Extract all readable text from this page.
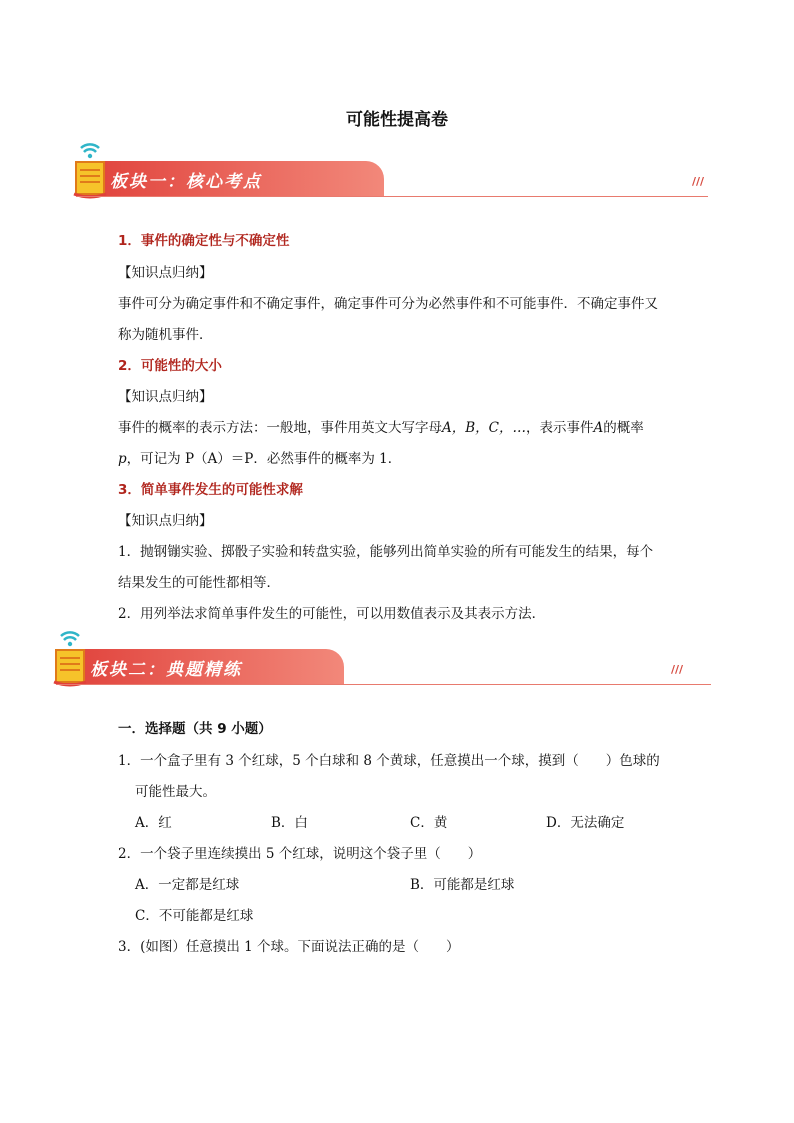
可能性提高卷
板块一：核心考点	///
1．事件的确定性与不确定性
【知识点归纳】
事件可分为确定事件和不确定事件，确定事件可分为必然事件和不可能事件．不确定事件又
称为随机事件．
2．可能性的大小
【知识点归纳】
事件的概率的表示方法：一般地，事件用英文大写字母A，B，C，…，表示事件A的概率
p，可记为 P（A）＝P．必然事件的概率为 1．
3．简单事件发生的可能性求解
【知识点归纳】
1．抛钢镚实验、掷骰子实验和转盘实验，能够列出简单实验的所有可能发生的结果，每个
结果发生的可能性都相等．
2．用列举法求简单事件发生的可能性，可以用数值表示及其表示方法．
板块二：典题精练	///
一．选择题（共 9 小题）
1．一个盒子里有 3 个红球，5 个白球和 8 个黄球，任意摸出一个球，摸到（　　）色球的
可能性最大。
A．红	B．白	C．黄	D．无法确定
2．一个袋子里连续摸出 5 个红球，说明这个袋子里（　　）
A．一定都是红球	B．可能都是红球
C．不可能都是红球
3．(如图）任意摸出 1 个球。下面说法正确的是（　　）
